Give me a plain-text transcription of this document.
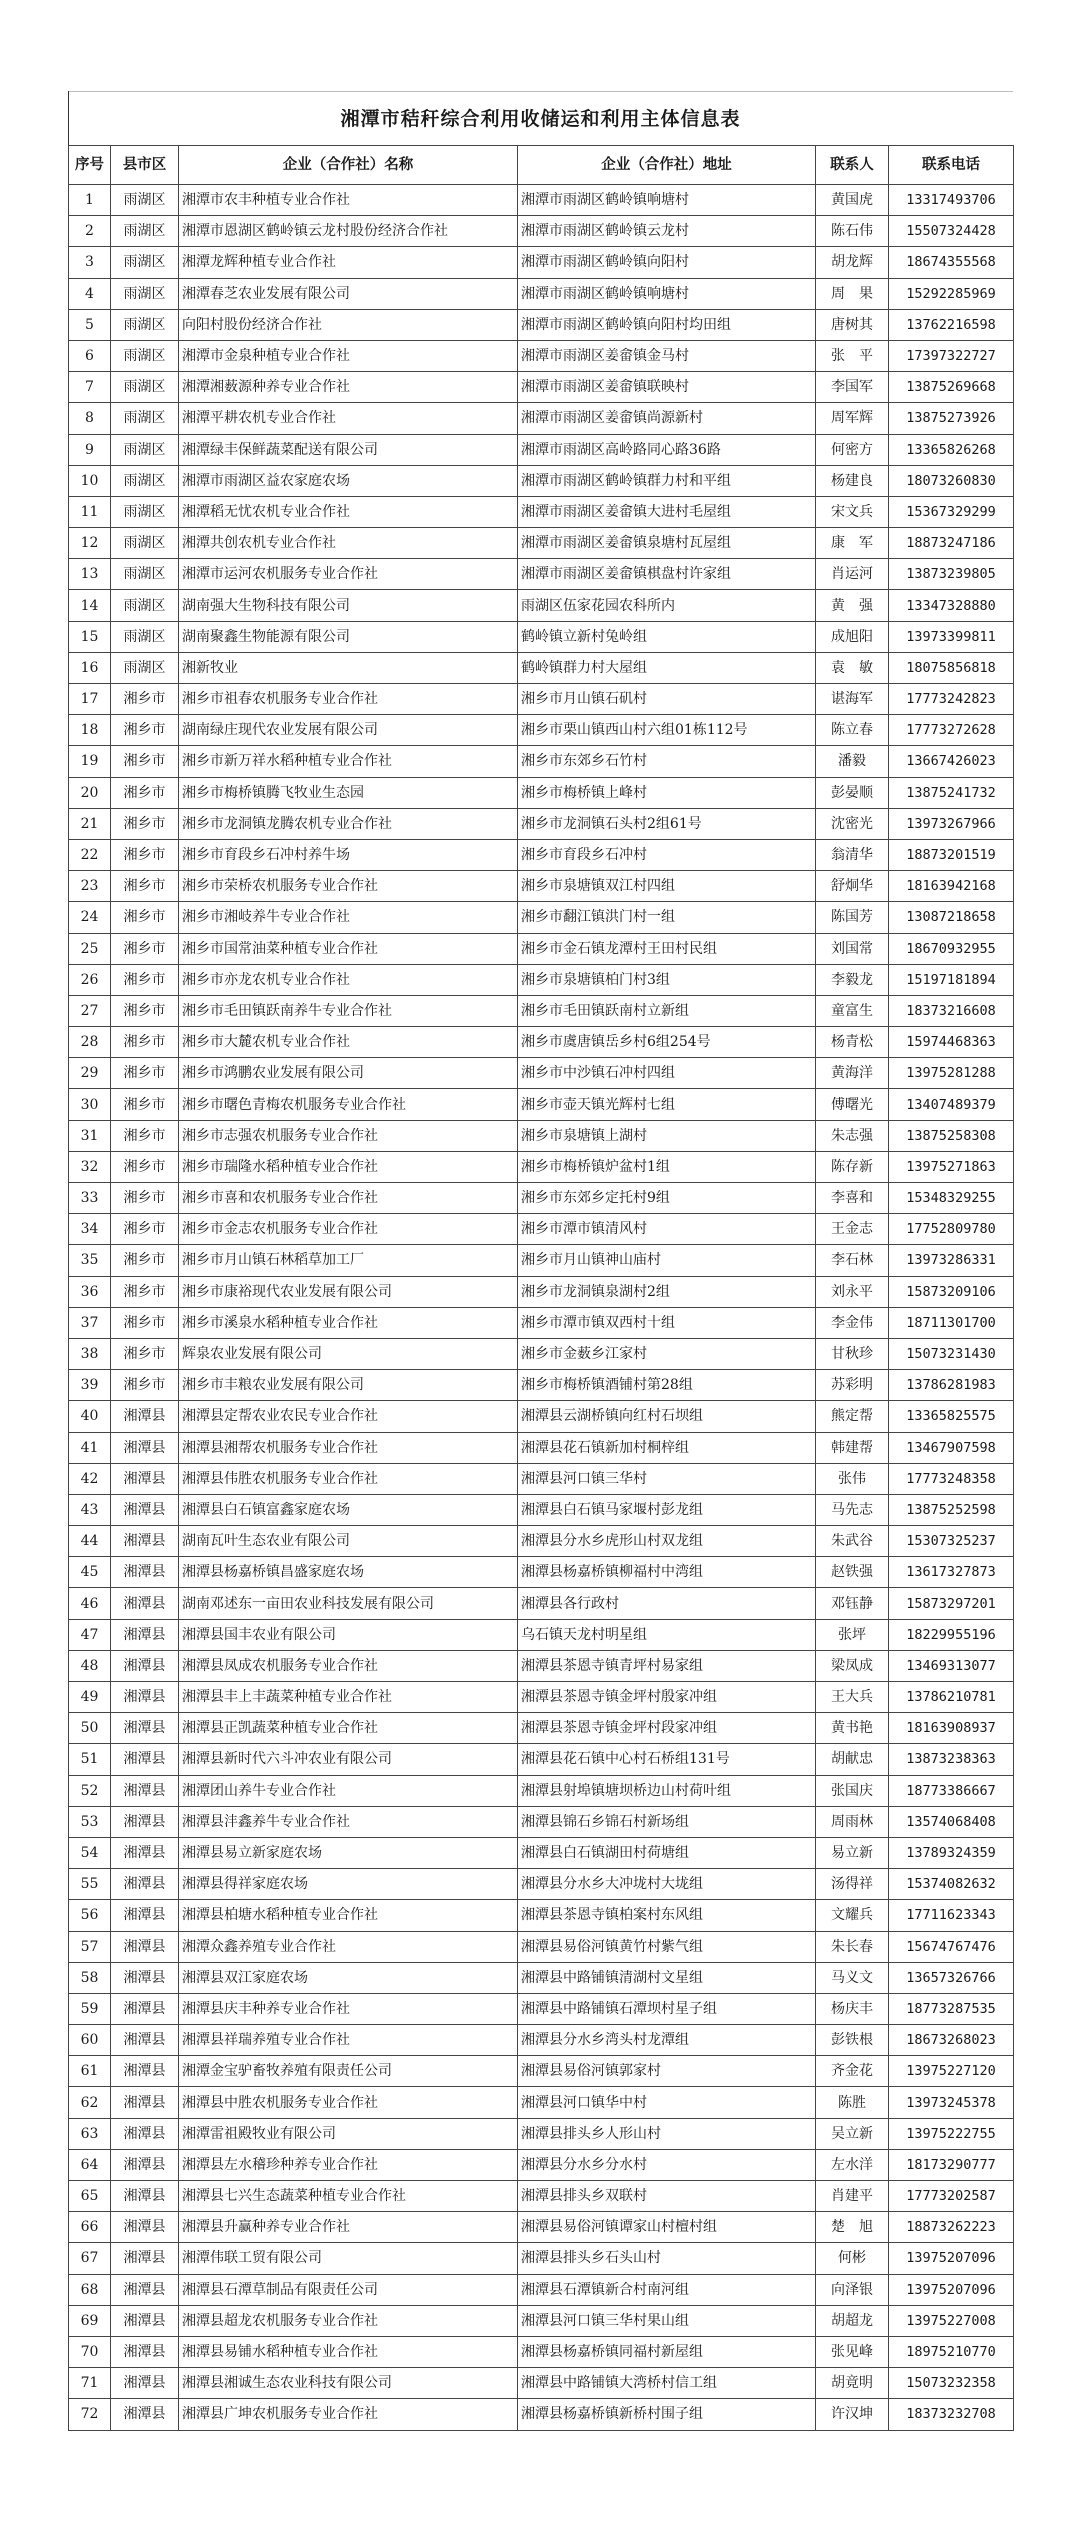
湘潭市秸秆综合利用收储运和利用主体信息表
序号	县市区	企业（合作社）名称	企业（合作社）地址	联系人	联系电话
1	雨湖区	湘潭市农丰种植专业合作社	湘潭市雨湖区鹤岭镇响塘村	黄国虎	13317493706
2	雨湖区	湘潭市恩湖区鹤岭镇云龙村股份经济合作社	湘潭市雨湖区鹤岭镇云龙村	陈石伟	15507324428
3	雨湖区	湘潭龙辉种植专业合作社	湘潭市雨湖区鹤岭镇向阳村	胡龙辉	18674355568
4	雨湖区	湘潭春芝农业发展有限公司	湘潭市雨湖区鹤岭镇响塘村	周　果	15292285969
5	雨湖区	向阳村股份经济合作社	湘潭市雨湖区鹤岭镇向阳村均田组	唐树其	13762216598
6	雨湖区	湘潭市金泉种植专业合作社	湘潭市雨湖区姜畲镇金马村	张　平	17397322727
7	雨湖区	湘潭湘薮源种养专业合作社	湘潭市雨湖区姜畲镇联映村	李国军	13875269668
8	雨湖区	湘潭平耕农机专业合作社	湘潭市雨湖区姜畲镇尚源新村	周军辉	13875273926
9	雨湖区	湘潭绿丰保鲜蔬菜配送有限公司	湘潭市雨湖区高岭路同心路36路	何密方	13365826268
10	雨湖区	湘潭市雨湖区益农家庭农场	湘潭市雨湖区鹤岭镇群力村和平组	杨建良	18073260830
11	雨湖区	湘潭稻无忧农机专业合作社	湘潭市雨湖区姜畲镇大进村毛屋组	宋文兵	15367329299
12	雨湖区	湘潭共创农机专业合作社	湘潭市雨湖区姜畲镇泉塘村瓦屋组	康　军	18873247186
13	雨湖区	湘潭市运河农机服务专业合作社	湘潭市雨湖区姜畲镇棋盘村许家组	肖运河	13873239805
14	雨湖区	湖南强大生物科技有限公司	雨湖区伍家花园农科所内	黄　强	13347328880
15	雨湖区	湖南聚鑫生物能源有限公司	鹤岭镇立新村兔岭组	成旭阳	13973399811
16	雨湖区	湘新牧业	鹤岭镇群力村大屋组	袁　敏	18075856818
17	湘乡市	湘乡市祖春农机服务专业合作社	湘乡市月山镇石矶村	谌海军	17773242823
18	湘乡市	湖南绿庄现代农业发展有限公司	湘乡市栗山镇西山村六组01栋112号	陈立春	17773272628
19	湘乡市	湘乡市新万祥水稻种植专业合作社	湘乡市东郊乡石竹村	潘毅	13667426023
20	湘乡市	湘乡市梅桥镇腾飞牧业生态园	湘乡市梅桥镇上峰村	彭晏顺	13875241732
21	湘乡市	湘乡市龙洞镇龙腾农机专业合作社	湘乡市龙洞镇石头村2组61号	沈密光	13973267966
22	湘乡市	湘乡市育段乡石冲村养牛场	湘乡市育段乡石冲村	翁清华	18873201519
23	湘乡市	湘乡市荣桥农机服务专业合作社	湘乡市泉塘镇双江村四组	舒炯华	18163942168
24	湘乡市	湘乡市湘岐养牛专业合作社	湘乡市翻江镇洪门村一组	陈国芳	13087218658
25	湘乡市	湘乡市国常油菜种植专业合作社	湘乡市金石镇龙潭村王田村民组	刘国常	18670932955
26	湘乡市	湘乡市亦龙农机专业合作社	湘乡市泉塘镇柏门村3组	李毅龙	15197181894
27	湘乡市	湘乡市毛田镇跃南养牛专业合作社	湘乡市毛田镇跃南村立新组	童富生	18373216608
28	湘乡市	湘乡市大麓农机专业合作社	湘乡市虞唐镇岳乡村6组254号	杨青松	15974468363
29	湘乡市	湘乡市鸿鹏农业发展有限公司	湘乡市中沙镇石冲村四组	黄海洋	13975281288
30	湘乡市	湘乡市曙色青梅农机服务专业合作社	湘乡市壶天镇光辉村七组	傅曙光	13407489379
31	湘乡市	湘乡市志强农机服务专业合作社	湘乡市泉塘镇上湖村	朱志强	13875258308
32	湘乡市	湘乡市瑞隆水稻种植专业合作社	湘乡市梅桥镇炉盆村1组	陈存新	13975271863
33	湘乡市	湘乡市喜和农机服务专业合作社	湘乡市东郊乡定托村9组	李喜和	15348329255
34	湘乡市	湘乡市金志农机服务专业合作社	湘乡市潭市镇清风村	王金志	17752809780
35	湘乡市	湘乡市月山镇石林稻草加工厂	湘乡市月山镇神山庙村	李石林	13973286331
36	湘乡市	湘乡市康裕现代农业发展有限公司	湘乡市龙洞镇泉湖村2组	刘永平	15873209106
37	湘乡市	湘乡市溪泉水稻种植专业合作社	湘乡市潭市镇双西村十组	李金伟	18711301700
38	湘乡市	辉泉农业发展有限公司	湘乡市金薮乡江家村	甘秋珍	15073231430
39	湘乡市	湘乡市丰粮农业发展有限公司	湘乡市梅桥镇酒铺村第28组	苏彩明	13786281983
40	湘潭县	湘潭县定帮农业农民专业合作社	湘潭县云湖桥镇向红村石坝组	熊定帮	13365825575
41	湘潭县	湘潭县湘帮农机服务专业合作社	湘潭县花石镇新加村桐梓组	韩建帮	13467907598
42	湘潭县	湘潭县伟胜农机服务专业合作社	湘潭县河口镇三华村	张伟	17773248358
43	湘潭县	湘潭县白石镇富鑫家庭农场	湘潭县白石镇马家堰村彭龙组	马先志	13875252598
44	湘潭县	湖南瓦叶生态农业有限公司	湘潭县分水乡虎形山村双龙组	朱武谷	15307325237
45	湘潭县	湘潭县杨嘉桥镇昌盛家庭农场	湘潭县杨嘉桥镇柳福村中湾组	赵铁强	13617327873
46	湘潭县	湖南邓述东一亩田农业科技发展有限公司	湘潭县各行政村	邓钰静	15873297201
47	湘潭县	湘潭县国丰农业有限公司	乌石镇天龙村明星组	张坪	18229955196
48	湘潭县	湘潭县凤成农机服务专业合作社	湘潭县茶恩寺镇青坪村易家组	梁凤成	13469313077
49	湘潭县	湘潭县丰上丰蔬菜种植专业合作社	湘潭县茶恩寺镇金坪村殷家冲组	王大兵	13786210781
50	湘潭县	湘潭县正凯蔬菜种植专业合作社	湘潭县茶恩寺镇金坪村段家冲组	黄书艳	18163908937
51	湘潭县	湘潭县新时代六斗冲农业有限公司	湘潭县花石镇中心村石桥组131号	胡献忠	13873238363
52	湘潭县	湘潭团山养牛专业合作社	湘潭县射埠镇塘坝桥边山村荷叶组	张国庆	18773386667
53	湘潭县	湘潭县沣鑫养牛专业合作社	湘潭县锦石乡锦石村新场组	周雨林	13574068408
54	湘潭县	湘潭县易立新家庭农场	湘潭县白石镇湖田村荷塘组	易立新	13789324359
55	湘潭县	湘潭县得祥家庭农场	湘潭县分水乡大冲垅村大垅组	汤得祥	15374082632
56	湘潭县	湘潭县柏塘水稻种植专业合作社	湘潭县茶恩寺镇柏案村东风组	文耀兵	17711623343
57	湘潭县	湘潭众鑫养殖专业合作社	湘潭县易俗河镇黄竹村紫气组	朱长春	15674767476
58	湘潭县	湘潭县双江家庭农场	湘潭县中路铺镇清湖村文星组	马义文	13657326766
59	湘潭县	湘潭县庆丰种养专业合作社	湘潭县中路铺镇石潭坝村星子组	杨庆丰	18773287535
60	湘潭县	湘潭县祥瑞养殖专业合作社	湘潭县分水乡湾头村龙潭组	彭铁根	18673268023
61	湘潭县	湘潭金宝驴畜牧养殖有限责任公司	湘潭县易俗河镇郭家村	齐金花	13975227120
62	湘潭县	湘潭县中胜农机服务专业合作社	湘潭县河口镇华中村	陈胜	13973245378
63	湘潭县	湘潭雷祖殿牧业有限公司	湘潭县排头乡人形山村	吴立新	13975222755
64	湘潭县	湘潭县左水稽珍种养专业合作社	湘潭县分水乡分水村	左水洋	18173290777
65	湘潭县	湘潭县七兴生态蔬菜种植专业合作社	湘潭县排头乡双联村	肖建平	17773202587
66	湘潭县	湘潭县升赢种养专业合作社	湘潭县易俗河镇谭家山村檀村组	楚　旭	18873262223
67	湘潭县	湘潭伟联工贸有限公司	湘潭县排头乡石头山村	何彬	13975207096
68	湘潭县	湘潭县石潭草制品有限责任公司	湘潭县石潭镇新合村南河组	向泽银	13975207096
69	湘潭县	湘潭县超龙农机服务专业合作社	湘潭县河口镇三华村果山组	胡超龙	13975227008
70	湘潭县	湘潭县易铺水稻种植专业合作社	湘潭县杨嘉桥镇同福村新屋组	张见峰	18975210770
71	湘潭县	湘潭县湘诚生态农业科技有限公司	湘潭县中路铺镇大湾桥村信工组	胡竟明	15073232358
72	湘潭县	湘潭县广坤农机服务专业合作社	湘潭县杨嘉桥镇新桥村围子组	许汉坤	18373232708
